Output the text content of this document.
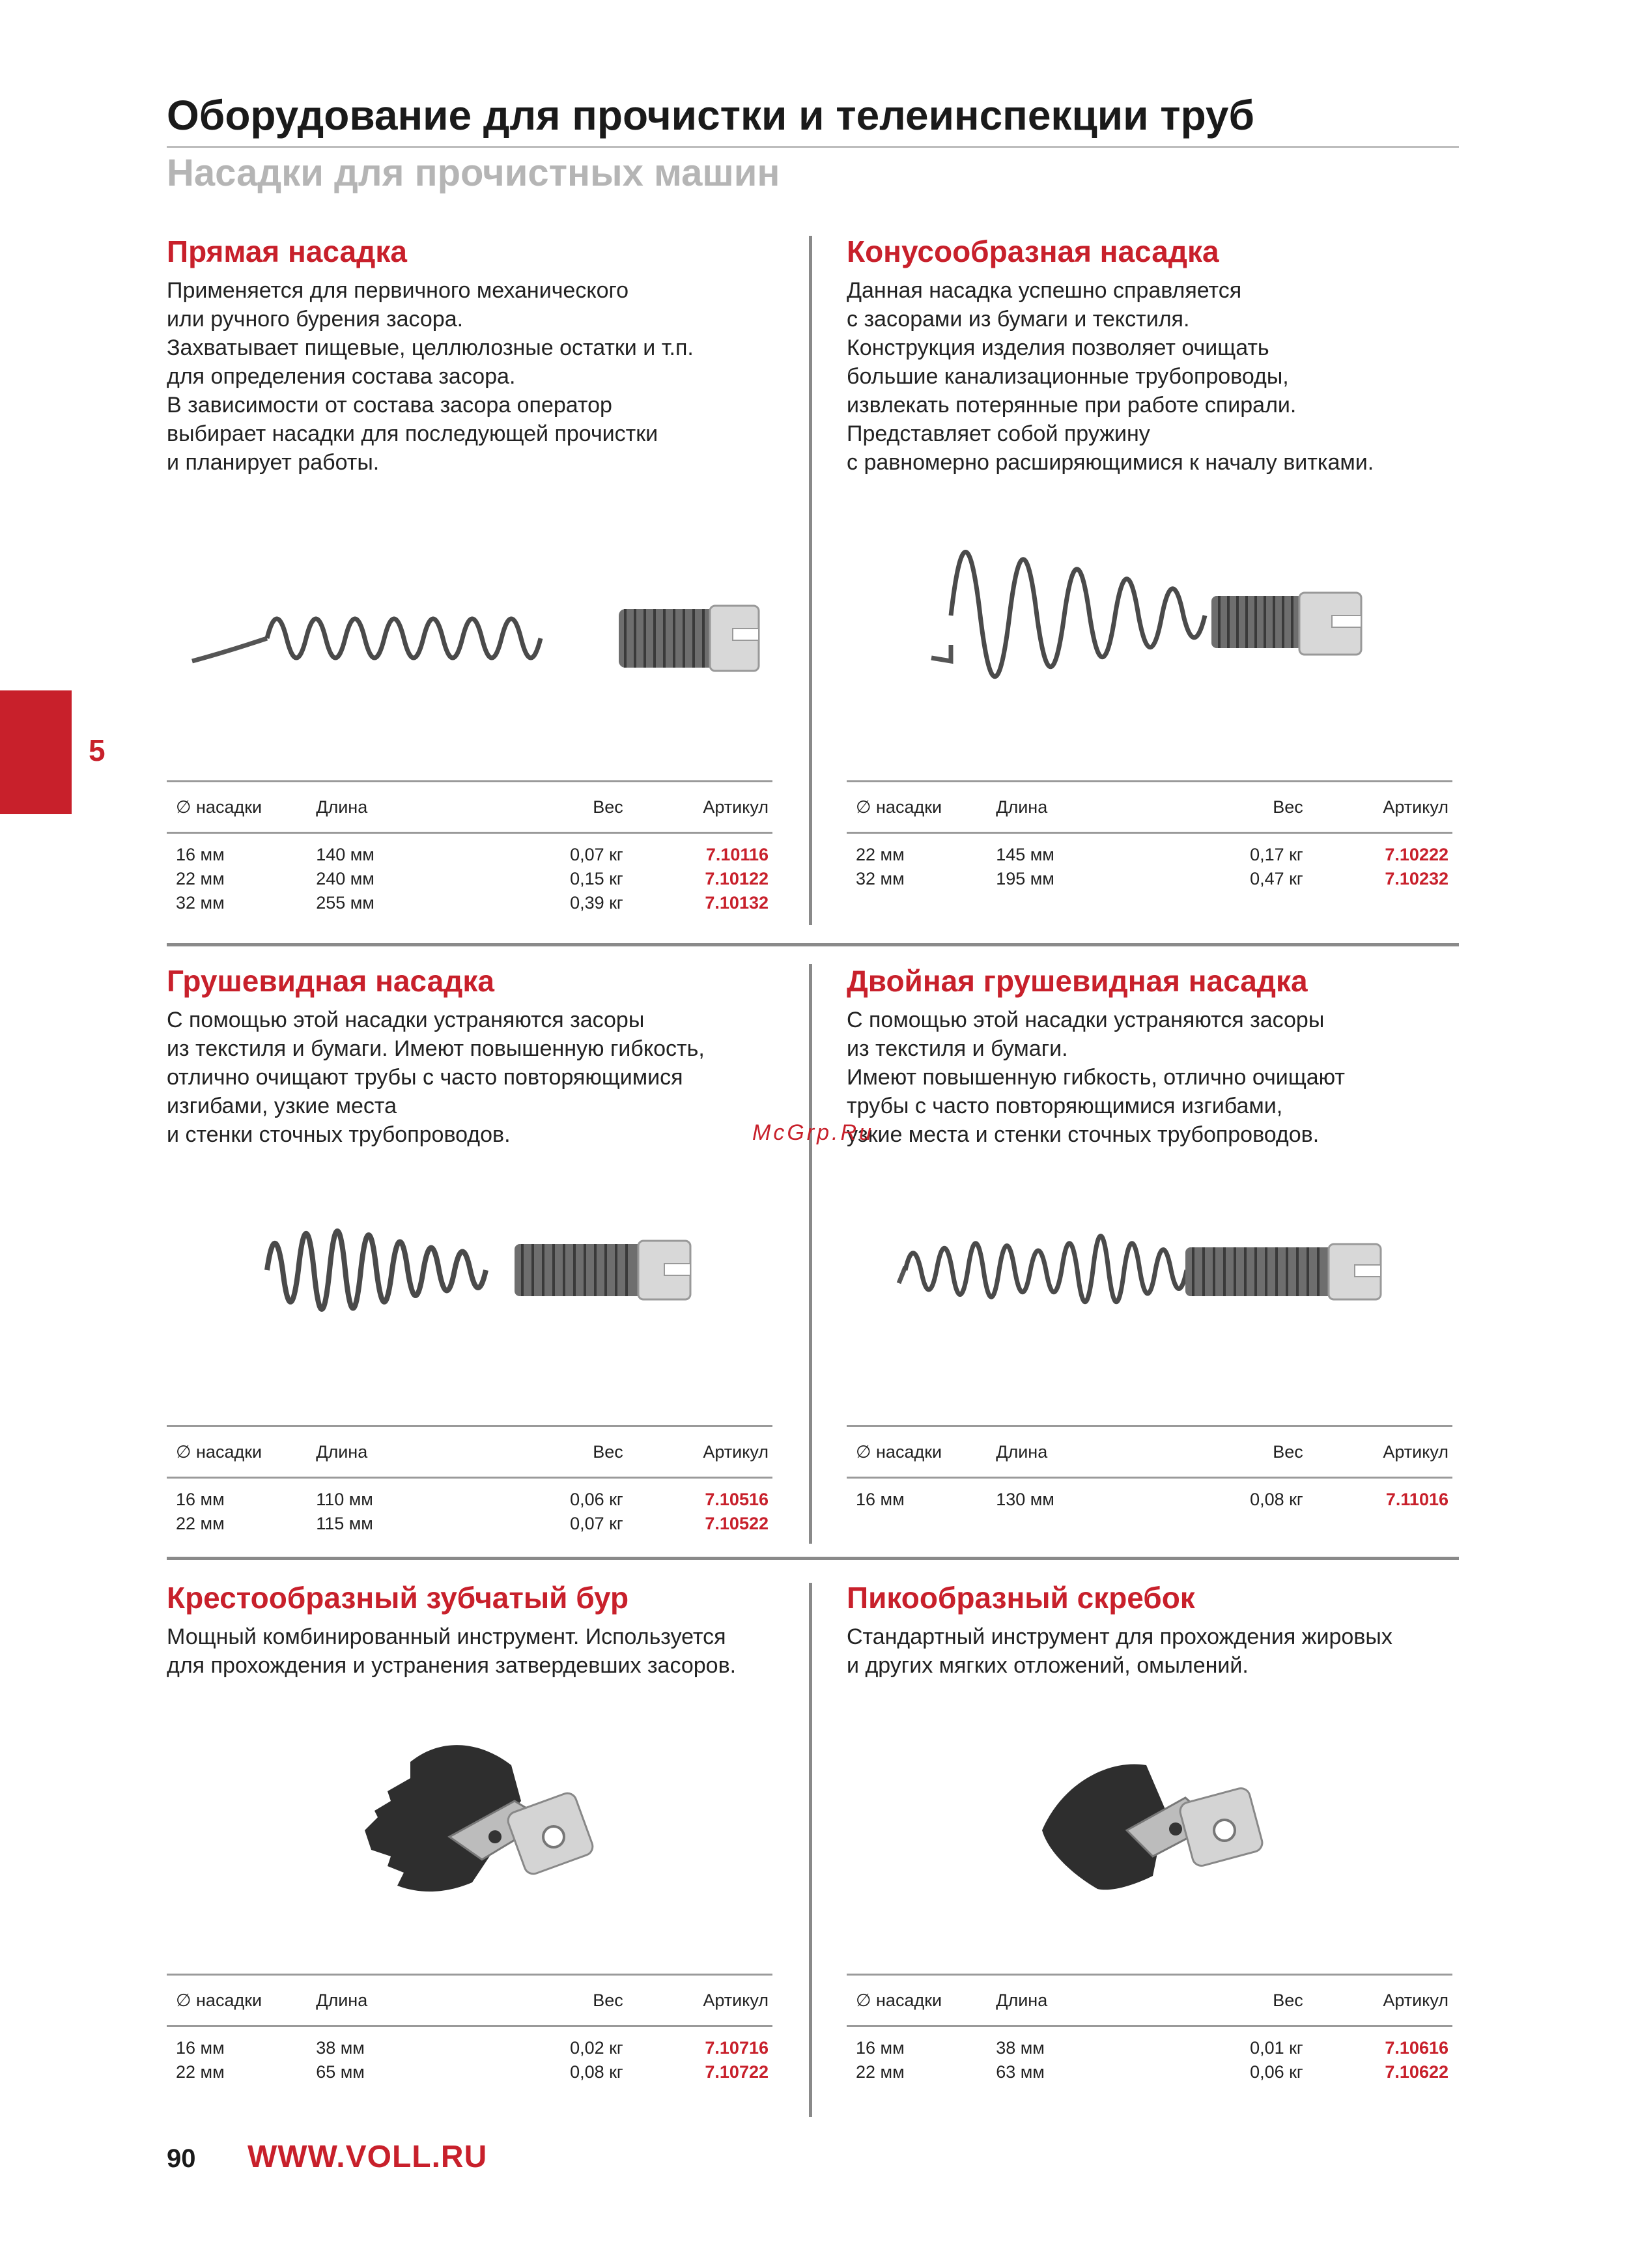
Оборудование для прочистки и телеинспекции труб
Насадки для прочистных машин
5
Прямая насадка

Применяется для первичного механического

или ручного бурения засора.

Захватывает пищевые, целлюлозные остатки и т.п.

для определения состава засора.

В зависимости от состава засора оператор

выбирает насадки для последующей прочистки

и планирует работы.

∅ насадки	Длина	Вес	Артикул
16 мм	140 мм	0,07 кг	7.10116
22 мм	240 мм	0,15 кг	7.10122
32 мм	255 мм	0,39 кг	7.10132
Конусообразная насадка

Данная насадка успешно справляется

с засорами из бумаги и текстиля.

Конструкция изделия позволяет очищать

большие канализационные трубопроводы,

извлекать потерянные при работе спирали.

Представляет собой пружину

с равномерно расширяющимися к началу витками.

∅ насадки	Длина	Вес	Артикул
22 мм	145 мм	0,17 кг	7.10222
32 мм	195 мм	0,47 кг	7.10232
Грушевидная насадка

С помощью этой насадки устраняются засоры

из текстиля и бумаги. Имеют повышенную гибкость,

отлично очищают трубы с часто повторяющимися

изгибами, узкие места

и стенки сточных трубопроводов.

∅ насадки	Длина	Вес	Артикул
16 мм	110 мм	0,06 кг	7.10516
22 мм	115 мм	0,07 кг	7.10522
Двойная грушевидная насадка

С помощью этой насадки устраняются засоры

из текстиля и бумаги.

Имеют повышенную гибкость, отлично очищают

трубы с часто повторяющимися изгибами,

узкие места и стенки сточных трубопроводов.

∅ насадки	Длина	Вес	Артикул
16 мм	130 мм	0,08 кг	7.11016
Крестообразный зубчатый бур

Мощный комбинированный инструмент. Используется

для прохождения и устранения затвердевших засоров.

∅ насадки	Длина	Вес	Артикул
16 мм	38 мм	0,02 кг	7.10716
22 мм	65 мм	0,08 кг	7.10722
Пикообразный скребок

Стандартный инструмент для прохождения жировых

и других мягких отложений, омылений.

∅ насадки	Длина	Вес	Артикул
16 мм	38 мм	0,01 кг	7.10616
22 мм	63 мм	0,06 кг	7.10622
McGrp.Ru
90 WWW.VOLL.RU
